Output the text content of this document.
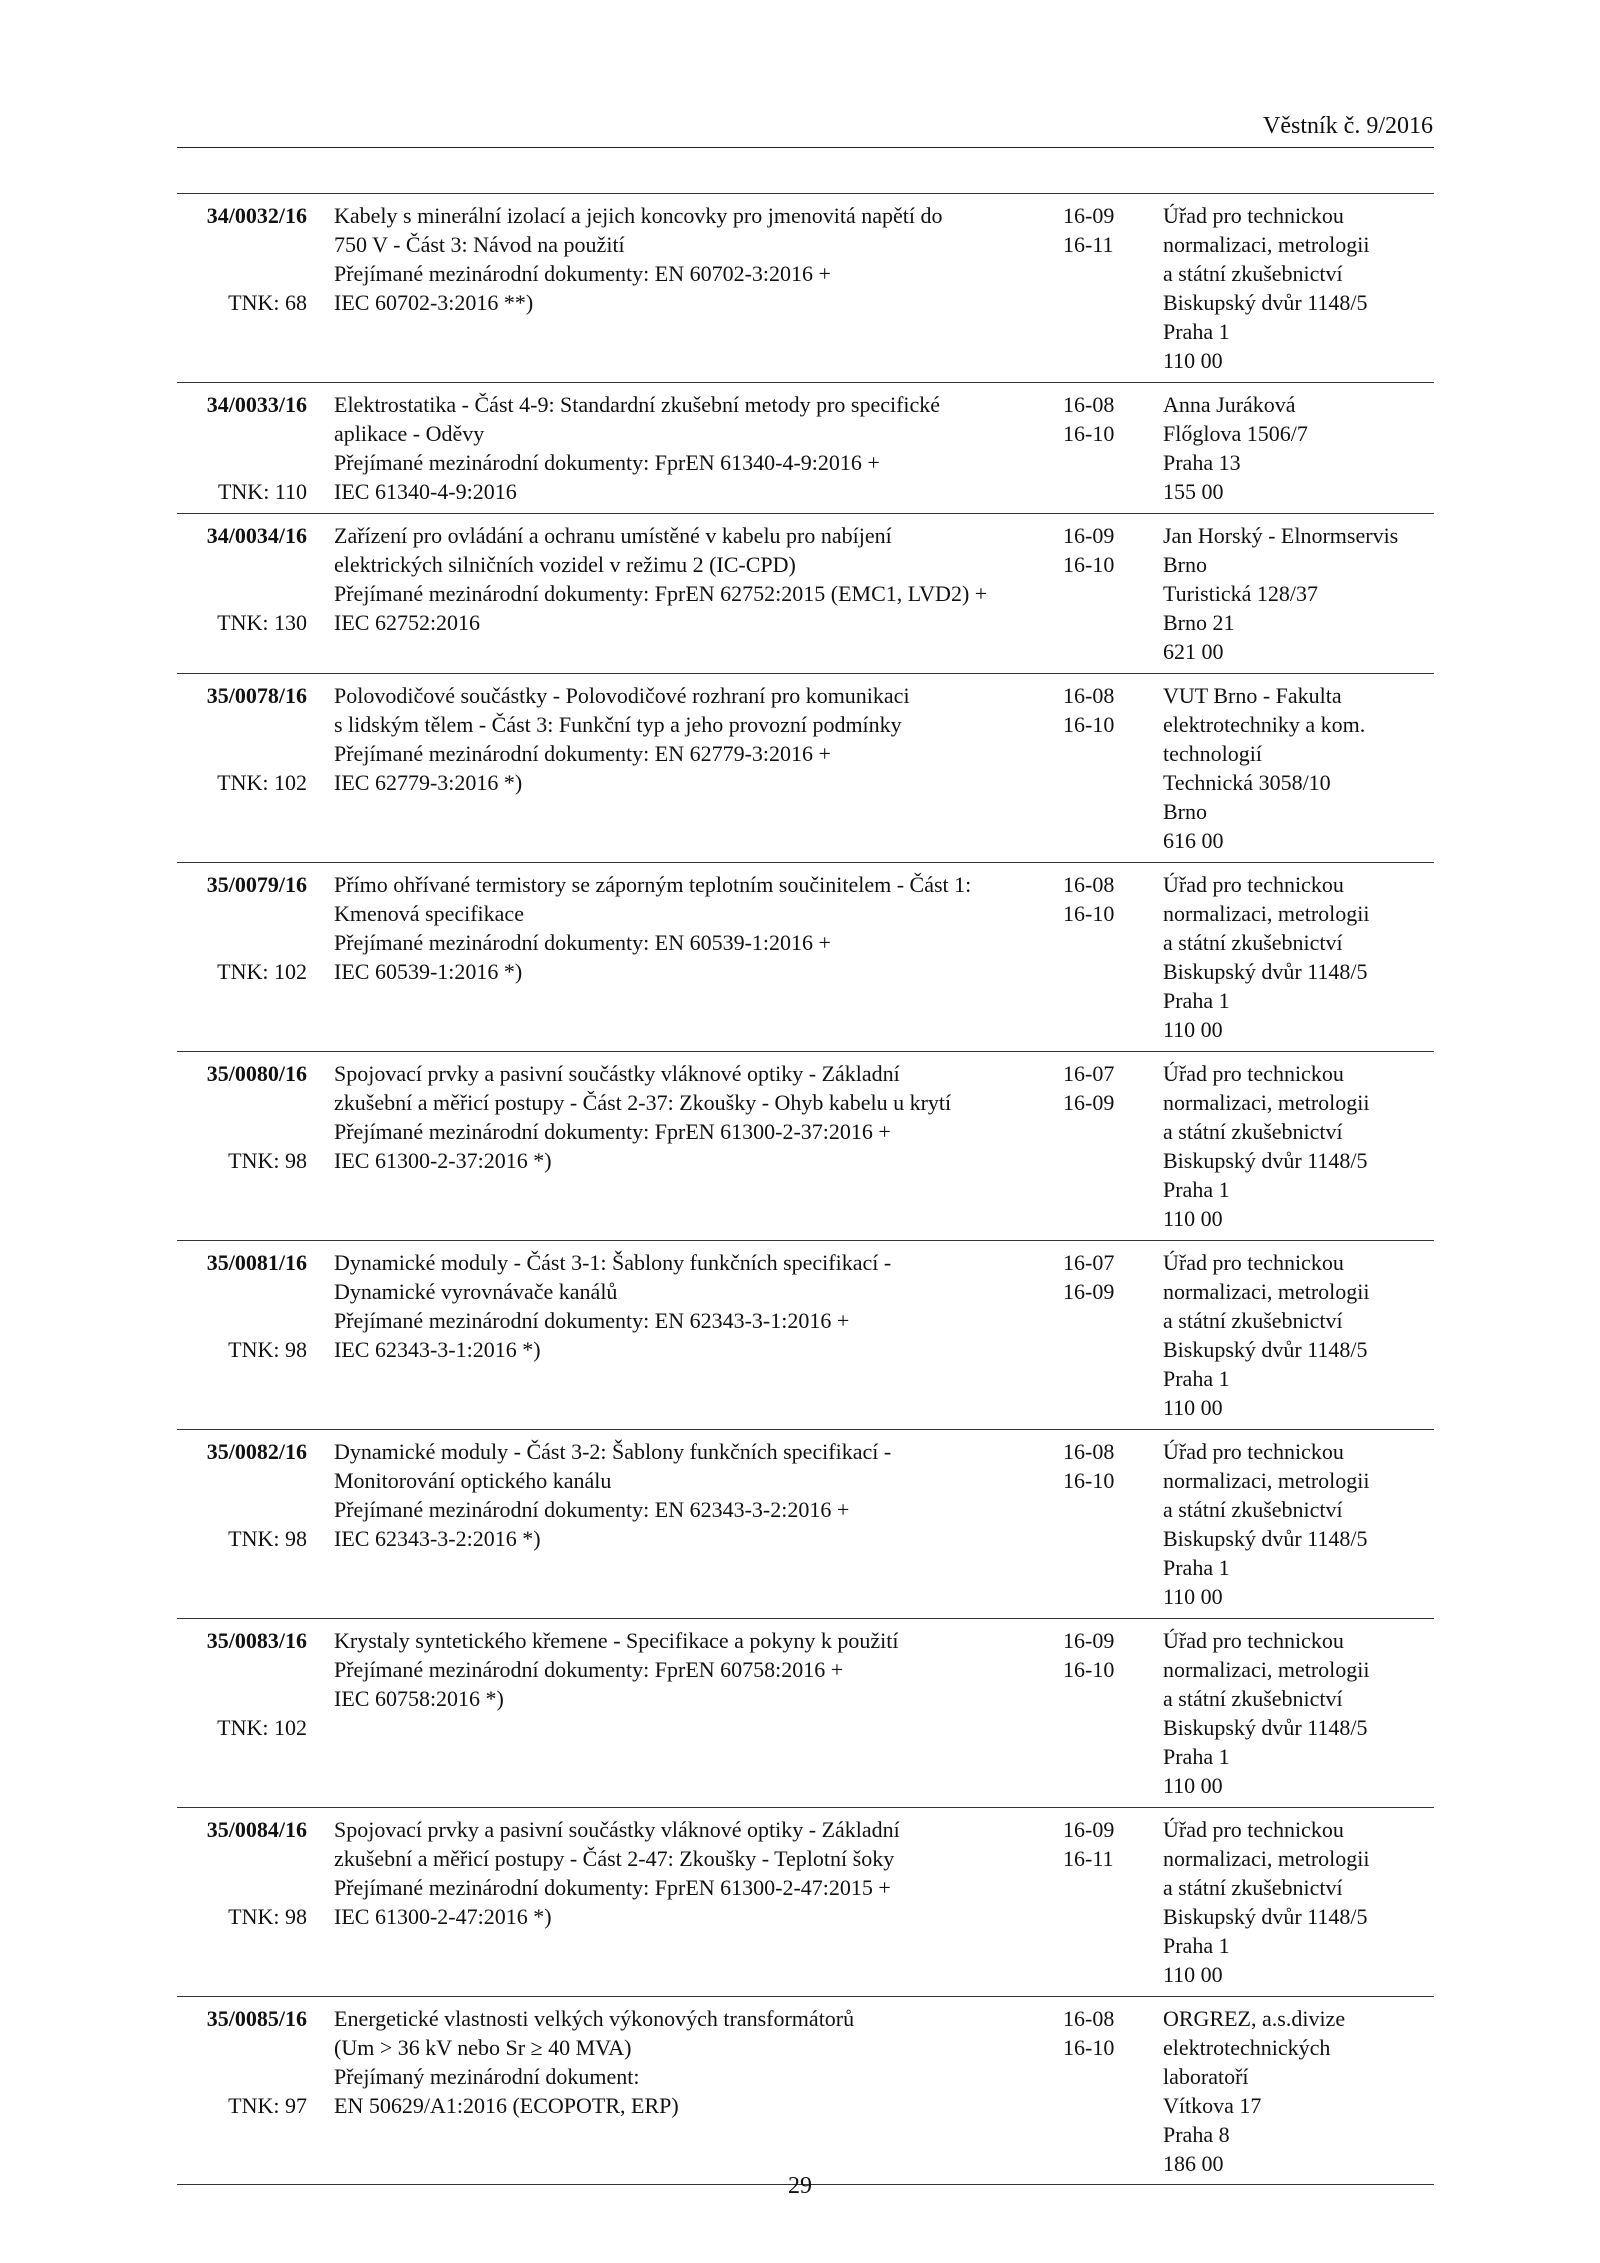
Věstník č. 9/2016
34/0032/16
TNK: 68
Kabely s minerální izolací a jejich koncovky pro jmenovitá napětí do
750 V - Část 3: Návod na použití
Přejímané mezinárodní dokumenty: EN 60702-3:2016 +
IEC 60702-3:2016 **)
16-09
16-11
Úřad pro technickou
normalizaci, metrologii
a státní zkušebnictví
Biskupský dvůr 1148/5
Praha 1
110 00
34/0033/16
TNK: 110
Elektrostatika - Část 4-9: Standardní zkušební metody pro specifické
aplikace - Oděvy
Přejímané mezinárodní dokumenty: FprEN 61340-4-9:2016 +
IEC 61340-4-9:2016
16-08
16-10
Anna Juráková
Flőglova 1506/7
Praha 13
155 00
34/0034/16
TNK: 130
Zařízení pro ovládání a ochranu umístěné v kabelu pro nabíjení
elektrických silničních vozidel v režimu 2 (IC-CPD)
Přejímané mezinárodní dokumenty: FprEN 62752:2015 (EMC1, LVD2) +
IEC 62752:2016
16-09
16-10
Jan Horský - Elnormservis
Brno
Turistická 128/37
Brno 21
621 00
35/0078/16
TNK: 102
Polovodičové součástky - Polovodičové rozhraní pro komunikaci
s lidským tělem - Část 3: Funkční typ a jeho provozní podmínky
Přejímané mezinárodní dokumenty: EN 62779-3:2016 +
IEC 62779-3:2016 *)
16-08
16-10
VUT Brno - Fakulta
elektrotechniky a kom.
technologií
Technická 3058/10
Brno
616 00
35/0079/16
TNK: 102
Přímo ohřívané termistory se záporným teplotním součinitelem - Část 1:
Kmenová specifikace
Přejímané mezinárodní dokumenty: EN 60539-1:2016 +
IEC 60539-1:2016 *)
16-08
16-10
Úřad pro technickou
normalizaci, metrologii
a státní zkušebnictví
Biskupský dvůr 1148/5
Praha 1
110 00
35/0080/16
TNK: 98
Spojovací prvky a pasivní součástky vláknové optiky - Základní
zkušební a měřicí postupy - Část 2-37: Zkoušky - Ohyb kabelu u krytí
Přejímané mezinárodní dokumenty: FprEN 61300-2-37:2016 +
IEC 61300-2-37:2016 *)
16-07
16-09
Úřad pro technickou
normalizaci, metrologii
a státní zkušebnictví
Biskupský dvůr 1148/5
Praha 1
110 00
35/0081/16
TNK: 98
Dynamické moduly - Část 3-1: Šablony funkčních specifikací -
Dynamické vyrovnávače kanálů
Přejímané mezinárodní dokumenty: EN 62343-3-1:2016 +
IEC 62343-3-1:2016 *)
16-07
16-09
Úřad pro technickou
normalizaci, metrologii
a státní zkušebnictví
Biskupský dvůr 1148/5
Praha 1
110 00
35/0082/16
TNK: 98
Dynamické moduly - Část 3-2: Šablony funkčních specifikací -
Monitorování optického kanálu
Přejímané mezinárodní dokumenty: EN 62343-3-2:2016 +
IEC 62343-3-2:2016 *)
16-08
16-10
Úřad pro technickou
normalizaci, metrologii
a státní zkušebnictví
Biskupský dvůr 1148/5
Praha 1
110 00
35/0083/16
TNK: 102
Krystaly syntetického křemene - Specifikace a pokyny k použití
Přejímané mezinárodní dokumenty: FprEN 60758:2016 +
IEC 60758:2016 *)
16-09
16-10
Úřad pro technickou
normalizaci, metrologii
a státní zkušebnictví
Biskupský dvůr 1148/5
Praha 1
110 00
35/0084/16
TNK: 98
Spojovací prvky a pasivní součástky vláknové optiky - Základní
zkušební a měřicí postupy - Část 2-47: Zkoušky - Teplotní šoky
Přejímané mezinárodní dokumenty: FprEN 61300-2-47:2015 +
IEC 61300-2-47:2016 *)
16-09
16-11
Úřad pro technickou
normalizaci, metrologii
a státní zkušebnictví
Biskupský dvůr 1148/5
Praha 1
110 00
35/0085/16
TNK: 97
Energetické vlastnosti velkých výkonových transformátorů
(Um > 36 kV nebo Sr ≥ 40 MVA)
Přejímaný mezinárodní dokument:
EN 50629/A1:2016 (ECOPOTR, ERP)
16-08
16-10
ORGREZ, a.s.divize
elektrotechnických
laboratoří
Vítkova 17
Praha 8
186 00
29
